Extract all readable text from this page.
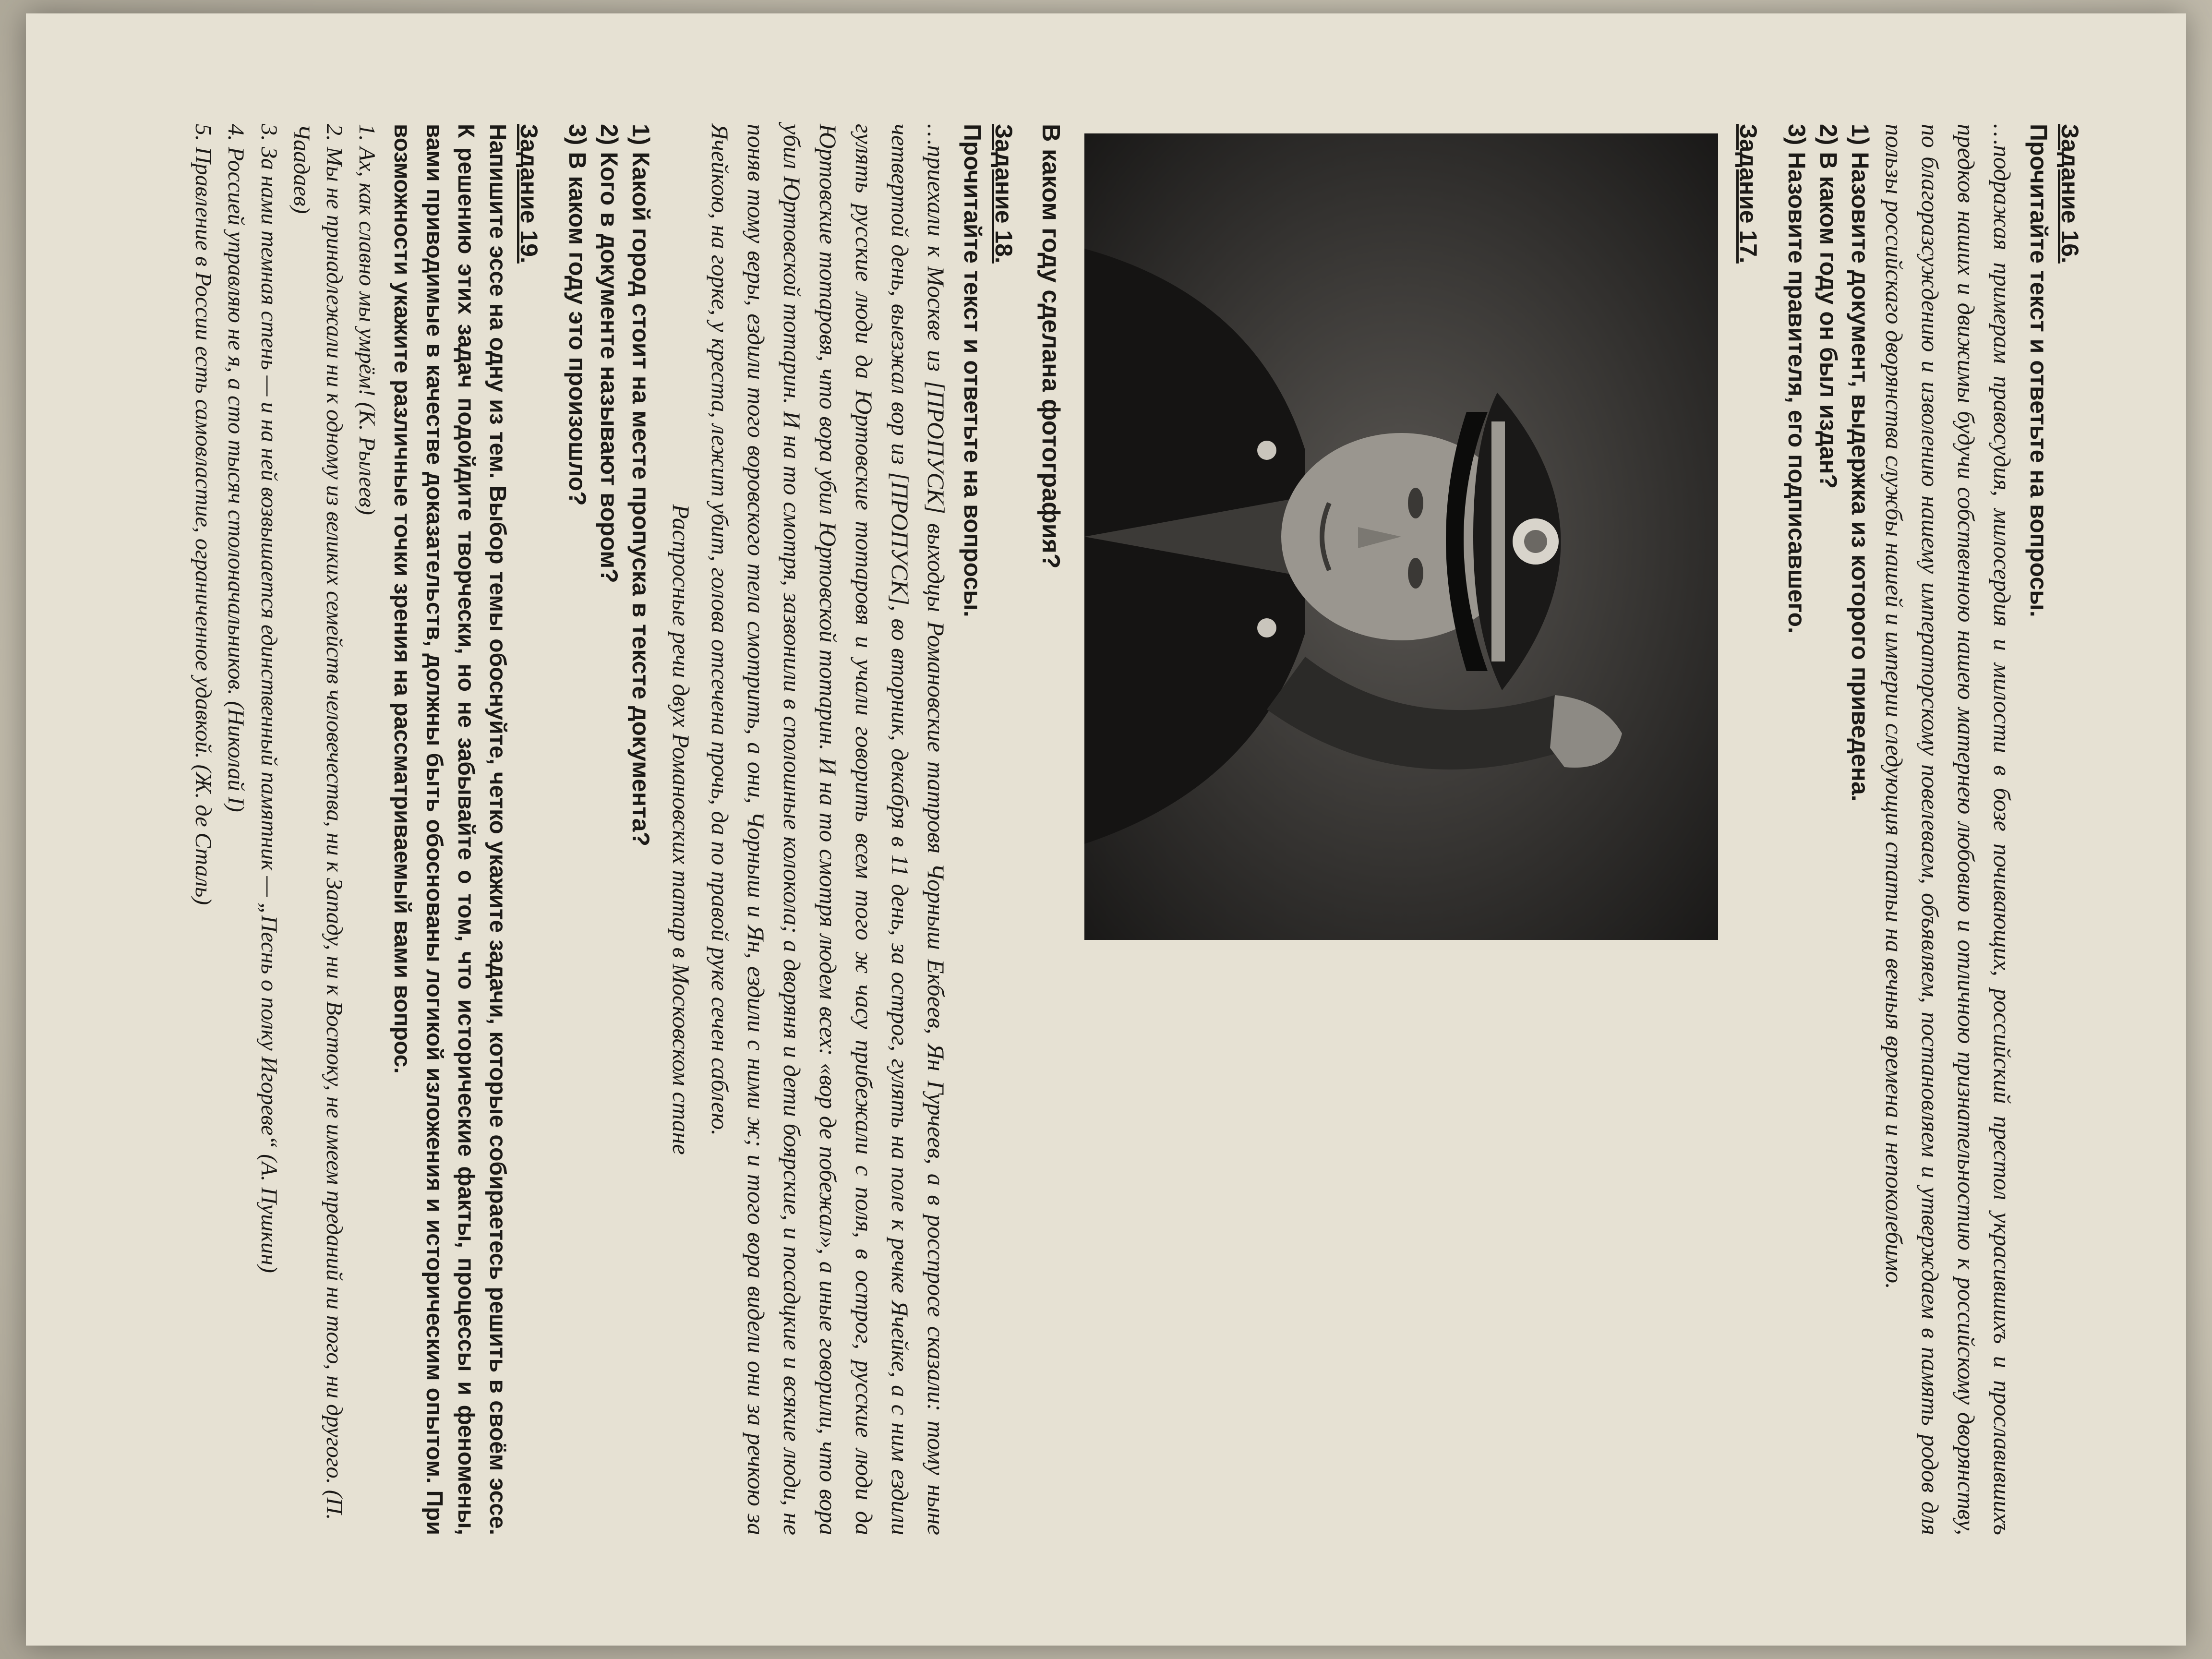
Задание 16.

Прочитайте текст и ответьте на вопросы.

…подражая примерам правосудия, милосердия и милости в бозе почивающих, российский престол украсившихъ и прославившихъ предков наших и движимы будучи собственною нашею матернею любовию и отличною признательностию к российскому дворянству, по благоразсуждению и изволению нашему императорскому повелеваем, объявляем, постановляем и утверждаем в память родов для пользы российскаго дворянства службы нашей и империи следующия статьи на вечныя времена и непоколебимо.

1) Назовите документ, выдержка из которого приведена.

2) В каком году он был издан?

3) Назовите правителя, его подписавшего.

Задание 17.

В каком году сделана фотография?

Задание 18.

Прочитайте текст и ответьте на вопросы.

…приехали к Москве из [ПРОПУСК] выходцы Романовские татровя Чорныш Екбеев, Ян Гурчеев, а в росспросе сказали: тому ныне четвертой день, выезжал вор из [ПРОПУСК], во вторник, декабря в 11 день, за острог, гулять на поле к речке Ячейке, а с ним ездили гулять русские люди да Юртовские тотаровя и учали говорить всем того ж часу прибежали с поля, в острог, русские люди да Юртовские тотаровя, что вора убил Юртовской тотарин. И на то смотря людем всех: «вор де побежал», а иные говорили, что вора убил Юртовской тотарин. И на то смотря, зазвонили в сполошные колокола; а дворяня и дети боярские, и посадцкие и всякие люди, не поняв тому веры, ездили того воровского тела смотрить, а они, Чорныш и Ян, ездили с ними ж; и того вора видели они за речкою за Ячейкою, на горке, у креста, лежит убит, голова отсечена прочь, да по правой руке сечен саблею.

Распросные речи двух Романовских татар в Московском стане

1) Какой город стоит на месте пропуска в тексте документа?

2) Кого в документе называют вором?

3) В каком году это произошло?

Задание 19.

Напишите эссе на одну из тем. Выбор темы обоснуйте, четко укажите задачи, которые собираетесь решить в своём эссе. К решению этих задач подойдите творчески, но не забывайте о том, что исторические факты, процессы и феномены, вами приводимые в качестве доказательств, должны быть обоснованы логикой изложения и историческим опытом. При возможности укажите различные точки зрения на рассматриваемый вами вопрос.

1. Ах, как славно мы умрём! (К. Рылеев)
2. Мы не принадлежали ни к одному из великих семейств человечества, ни к Западу, ни к Востоку, не имеем преданий ни того, ни другого. (П. Чаадаев)
3. За нами темная стень — и на ней возвышается единственный памятник — „Песнь о полку Игореве“ (А. Пушкин)
4. Россией управляю не я, а сто тысяч столоначальников. (Николай I)
5. Правление в России есть самовластие, ограниченное удавкой. (Ж. де Сталь)
